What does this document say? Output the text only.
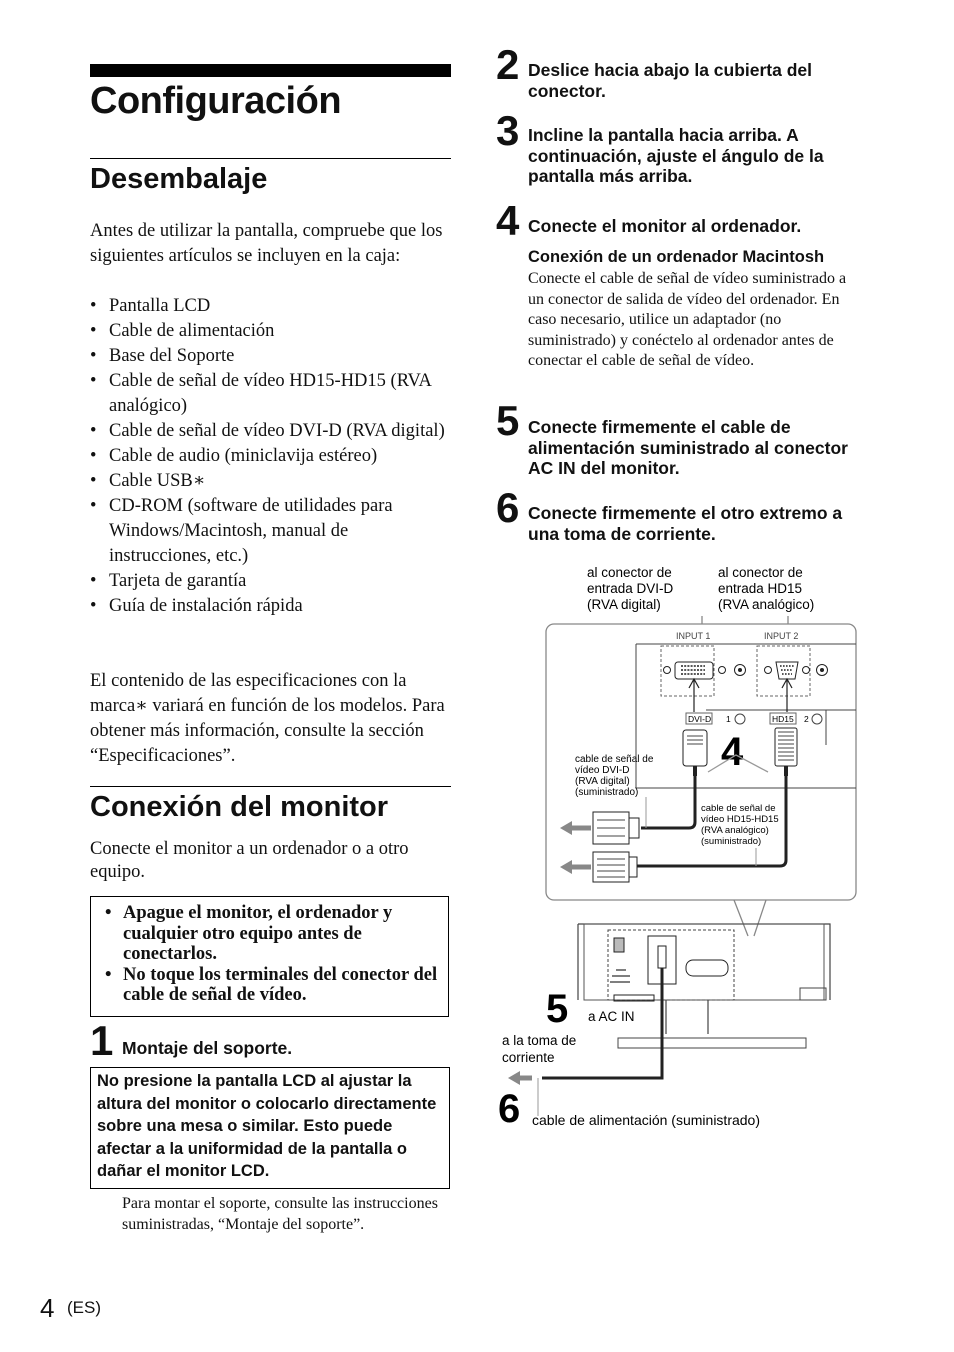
Configuración
Desembalaje
Antes de utilizar la pantalla, compruebe que los siguientes artículos se incluyen en la caja:
• Pantalla LCD
• Cable de alimentación
• Base del Soporte
• Cable de señal de vídeo HD15-HD15 (RVA analógico)
• Cable de señal de vídeo DVI-D (RVA digital)
• Cable de audio (miniclavija estéreo)
• Cable USB∗
• CD-ROM (software de utilidades para Windows/Macintosh, manual de instrucciones, etc.)
• Tarjeta de garantía
• Guía de instalación rápida
El contenido de las especificaciones con la marca∗ variará en función de los modelos. Para obtener más información, consulte la sección “Especificaciones”.
Conexión del monitor
Conecte el monitor a un ordenador o a otro equipo.
• Apague el monitor, el ordenador y cualquier otro equipo antes de conectarlos.
• No toque los terminales del conector del cable de señal de vídeo.
1 Montaje del soporte.
No presione la pantalla LCD al ajustar la altura del monitor o colocarlo directamente sobre una mesa o similar. Esto puede afectar a la uniformidad de la pantalla o dañar el monitor LCD.
Para montar el soporte, consulte las instrucciones suministradas, “Montaje del soporte”.
4 (ES)
2 Deslice hacia abajo la cubierta del conector.
3 Incline la pantalla hacia arriba. A continuación, ajuste el ángulo de la pantalla más arriba.
4 Conecte el monitor al ordenador.
Conexión de un ordenador Macintosh
Conecte el cable de señal de vídeo suministrado a un conector de salida de vídeo del ordenador. En caso necesario, utilice un adaptador (no suministrado) y conéctelo al ordenador antes de conectar el cable de señal de vídeo.
5 Conecte firmemente el cable de alimentación suministrado al conector AC IN del monitor.
6 Conecte firmemente el otro extremo a una toma de corriente.
al conector de
entrada DVI-D
(RVA digital)
al conector de
entrada HD15
(RVA analógico)
INPUT 1	INPUT 2
DVI-D 1	HD15 2
4
cable de señal de
vídeo DVI-D
(RVA digital)
(suministrado)
cable de señal de
vídeo HD15-HD15
(RVA analógico)
(suministrado)
5 a AC IN
a la toma de
corriente
6 cable de alimentación (suministrado)
